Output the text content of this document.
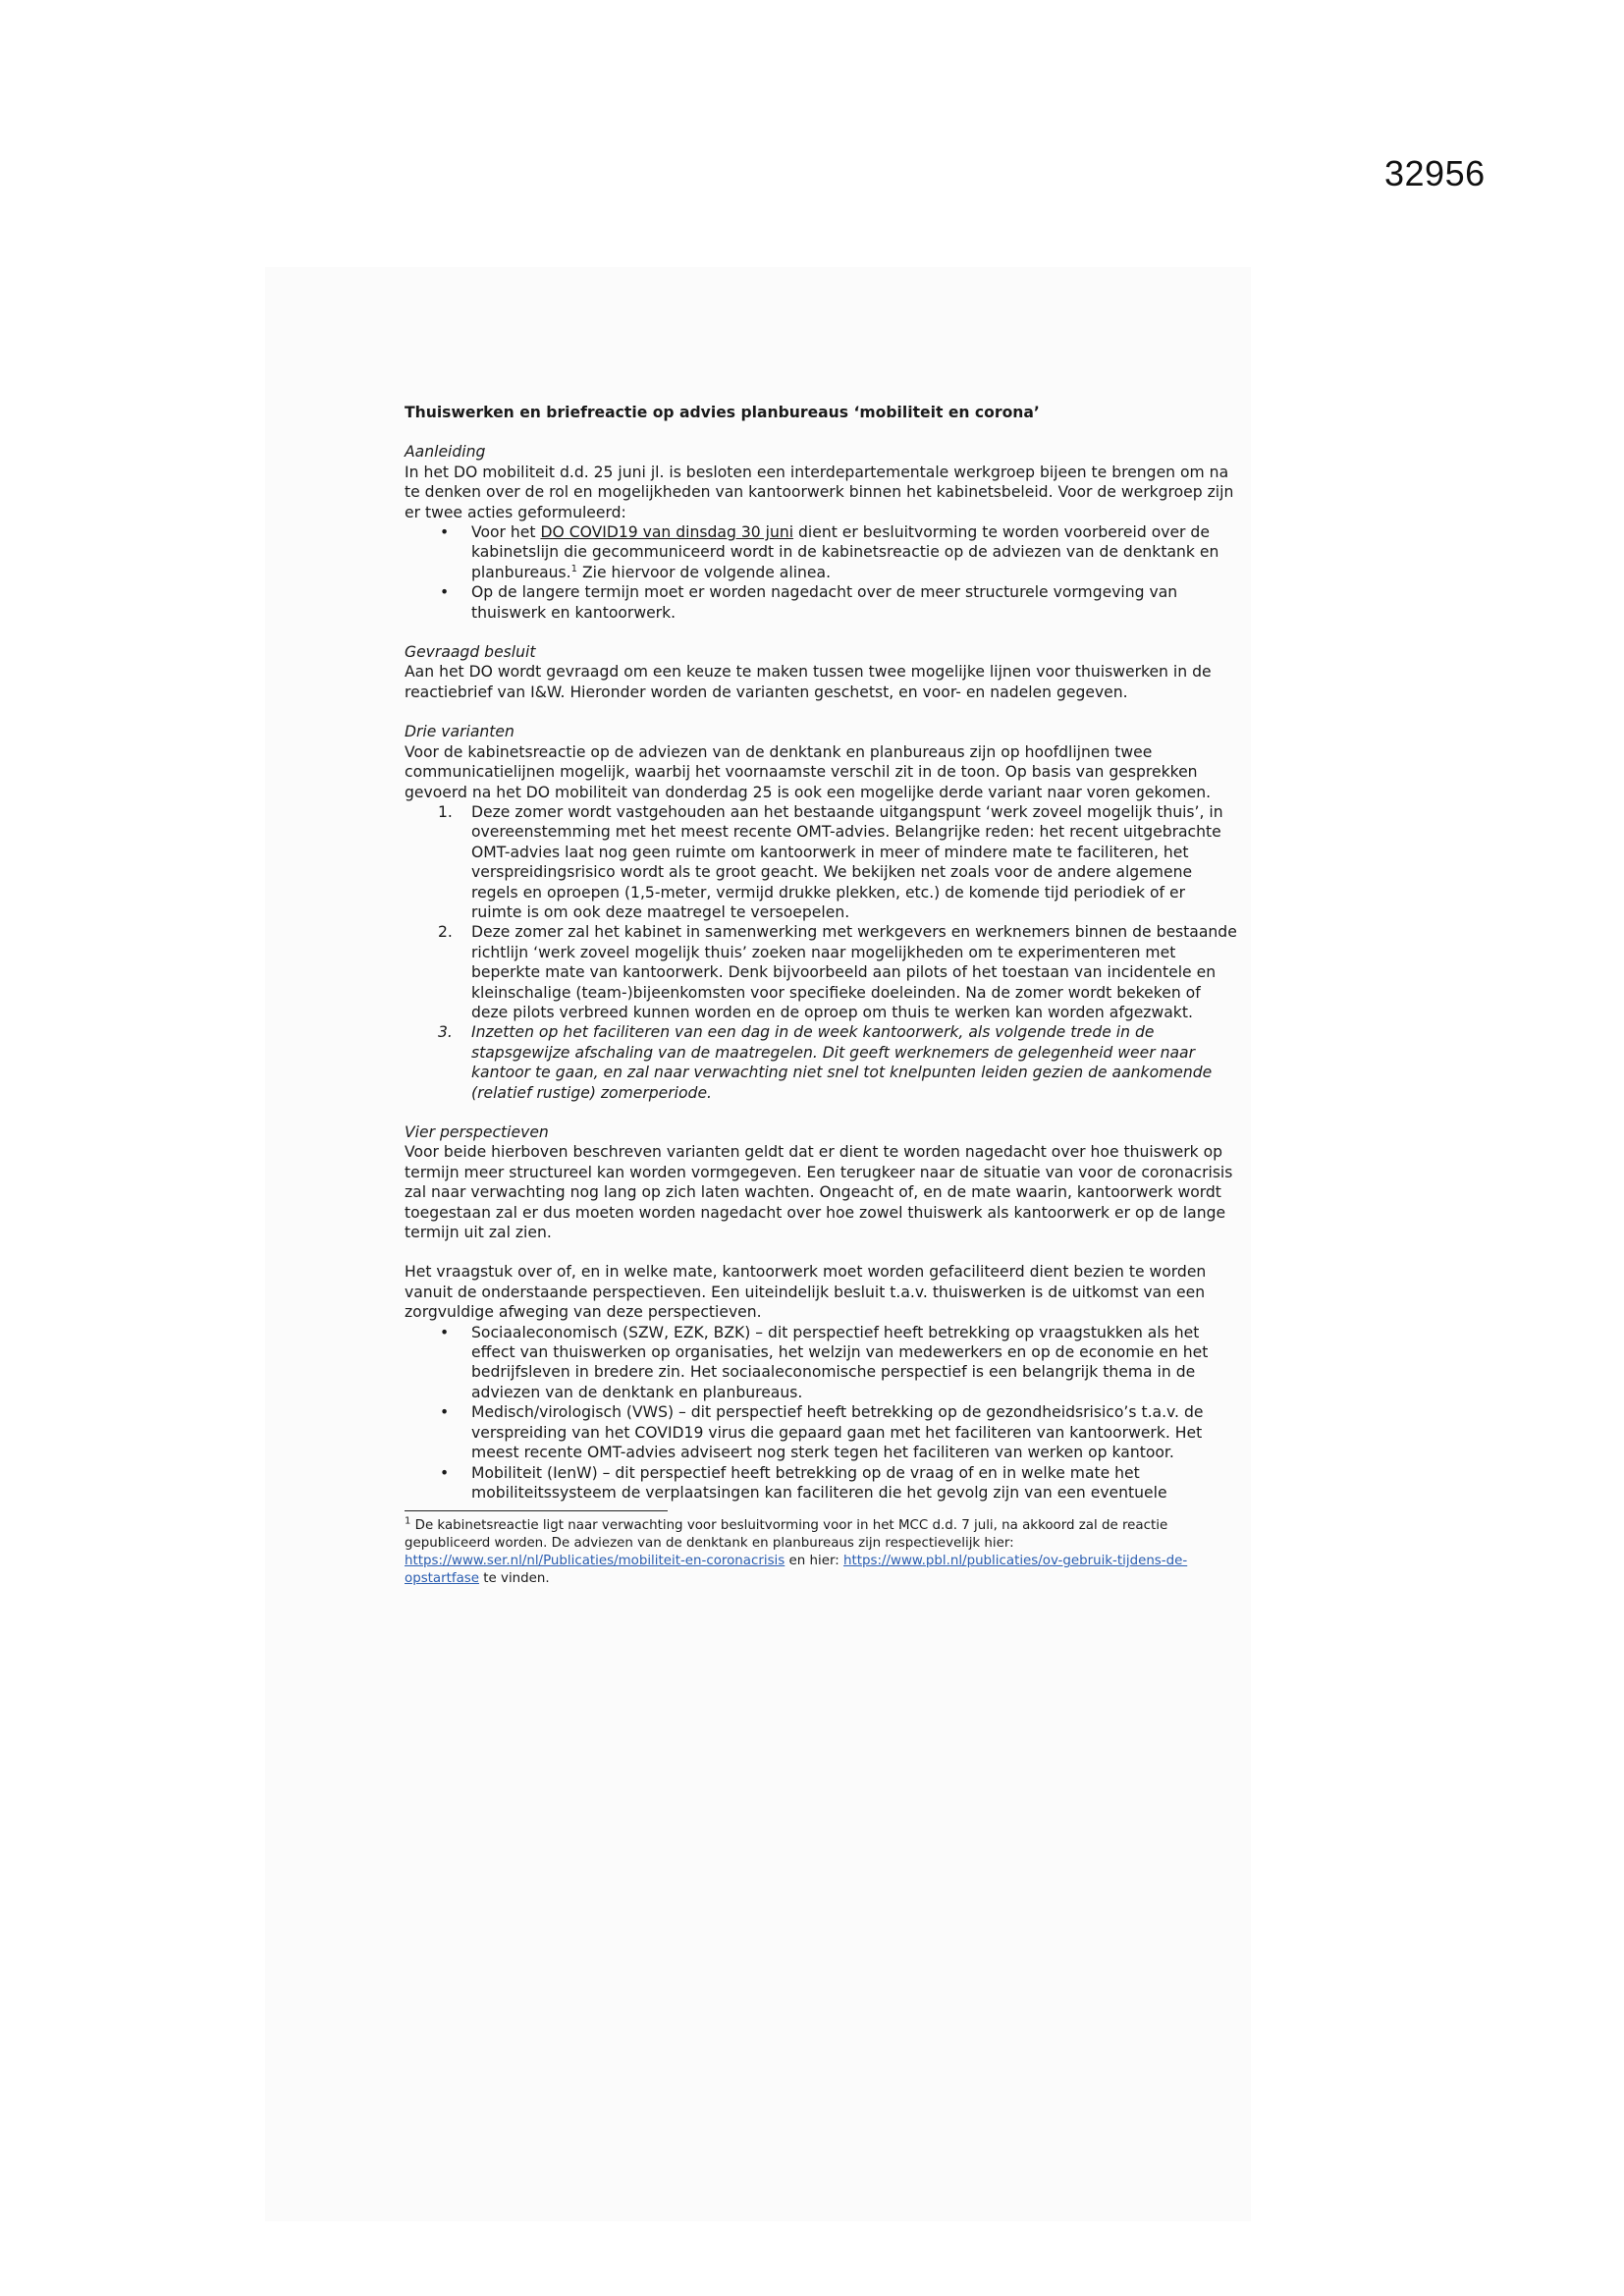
32956

Thuiswerken en briefreactie op advies planbureaus ‘mobiliteit en corona’

Aanleiding

In het DO mobiliteit d.d. 25 juni jl. is besloten een interdepartementale werkgroep bijeen te brengen om na te denken over de rol en mogelijkheden van kantoorwerk binnen het kabinetsbeleid. Voor de werkgroep zijn er twee acties geformuleerd:

• Voor het DO COVID19 van dinsdag 30 juni dient er besluitvorming te worden voorbereid over de kabinetslijn die gecommuniceerd wordt in de kabinetsreactie op de adviezen van de denktank en planbureaus.$^1$ Zie hiervoor de volgende alinea.
• Op de langere termijn moet er worden nagedacht over de meer structurele vormgeving van thuiswerk en kantoorwerk.

Gevraagd besluit

Aan het DO wordt gevraagd om een keuze te maken tussen twee mogelijke lijnen voor thuiswerken in de reactiebrief van I&W. Hieronder worden de varianten geschetst, en voor- en nadelen gegeven.

Drie varianten

Voor de kabinetsreactie op de adviezen van de denktank en planbureaus zijn op hoofdlijnen twee communicatielijnen mogelijk, waarbij het voornaamste verschil zit in de toon. Op basis van gesprekken gevoerd na het DO mobiliteit van donderdag 25 is ook een mogelijke derde variant naar voren gekomen.

1. Deze zomer wordt vastgehouden aan het bestaande uitgangspunt ‘werk zoveel mogelijk thuis’, in overeenstemming met het meest recente OMT-advies. Belangrijke reden: het recent uitgebrachte OMT-advies laat nog geen ruimte om kantoorwerk in meer of mindere mate te faciliteren, het verspreidingsrisico wordt als te groot geacht. We bekijken net zoals voor de andere algemene regels en oproepen (1,5-meter, vermijd drukke plekken, etc.) de komende tijd periodiek of er ruimte is om ook deze maatregel te versoepelen.
2. Deze zomer zal het kabinet in samenwerking met werkgevers en werknemers binnen de bestaande richtlijn ‘werk zoveel mogelijk thuis’ zoeken naar mogelijkheden om te experimenteren met beperkte mate van kantoorwerk. Denk bijvoorbeeld aan pilots of het toestaan van incidentele en kleinschalige (team-)bijeenkomsten voor specifieke doeleinden. Na de zomer wordt bekeken of deze pilots verbreed kunnen worden en de oproep om thuis te werken kan worden afgezwakt.
3. Inzetten op het faciliteren van een dag in de week kantoorwerk, als volgende trede in de stapsgewijze afschaling van de maatregelen. Dit geeft werknemers de gelegenheid weer naar kantoor te gaan, en zal naar verwachting niet snel tot knelpunten leiden gezien de aankomende (relatief rustige) zomerperiode.

Vier perspectieven

Voor beide hierboven beschreven varianten geldt dat er dient te worden nagedacht over hoe thuiswerk op termijn meer structureel kan worden vormgegeven. Een terugkeer naar de situatie van voor de coronacrisis zal naar verwachting nog lang op zich laten wachten. Ongeacht of, en de mate waarin, kantoorwerk wordt toegestaan zal er dus moeten worden nagedacht over hoe zowel thuiswerk als kantoorwerk er op de lange termijn uit zal zien.

Het vraagstuk over of, en in welke mate, kantoorwerk moet worden gefaciliteerd dient bezien te worden vanuit de onderstaande perspectieven. Een uiteindelijk besluit t.a.v. thuiswerken is de uitkomst van een zorgvuldige afweging van deze perspectieven.

• Sociaaleconomisch (SZW, EZK, BZK) – dit perspectief heeft betrekking op vraagstukken als het effect van thuiswerken op organisaties, het welzijn van medewerkers en op de economie en het bedrijfsleven in bredere zin. Het sociaaleconomische perspectief is een belangrijk thema in de adviezen van de denktank en planbureaus.
• Medisch/virologisch (VWS) – dit perspectief heeft betrekking op de gezondheidsrisico’s t.a.v. de verspreiding van het COVID19 virus die gepaard gaan met het faciliteren van kantoorwerk. Het meest recente OMT-advies adviseert nog sterk tegen het faciliteren van werken op kantoor.
• Mobiliteit (IenW) – dit perspectief heeft betrekking op de vraag of en in welke mate het mobiliteitssysteem de verplaatsingen kan faciliteren die het gevolg zijn van een eventuele

$^1$ De kabinetsreactie ligt naar verwachting voor besluitvorming voor in het MCC d.d. 7 juli, na akkoord zal de reactie gepubliceerd worden. De adviezen van de denktank en planbureaus zijn respectievelijk hier: https://www.ser.nl/nl/Publicaties/mobiliteit-en-coronacrisis en hier: https://www.pbl.nl/publicaties/ov-gebruik-tijdens-de-opstartfase te vinden.
